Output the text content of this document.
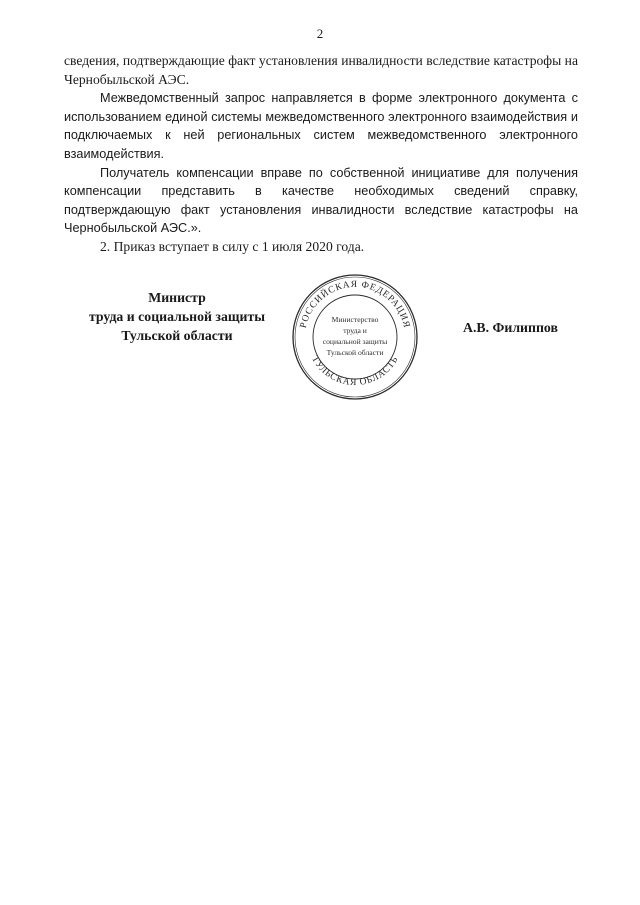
2

сведения, подтверждающие факт установления инвалидности вследствие катастрофы на Чернобыльской АЭС.

Межведомственный запрос направляется в форме электронного документа с использованием единой системы межведомственного электронного взаимодействия и подключаемых к ней региональных систем межведомственного электронного взаимодействия.

Получатель компенсации вправе по собственной инициативе для получения компенсации представить в качестве необходимых сведений справку, подтверждающую факт установления инвалидности вследствие катастрофы на Чернобыльской АЭС.».

2. Приказ вступает в силу с 1 июля 2020 года.

Министр
труда и социальной защиты
Тульской области
А.В. Филиппов
РОССИЙСКАЯ ФЕДЕРАЦИЯ
ТУЛЬСКАЯ ОБЛАСТЬ
Министерство
труда и
социальной защиты
Тульской области
